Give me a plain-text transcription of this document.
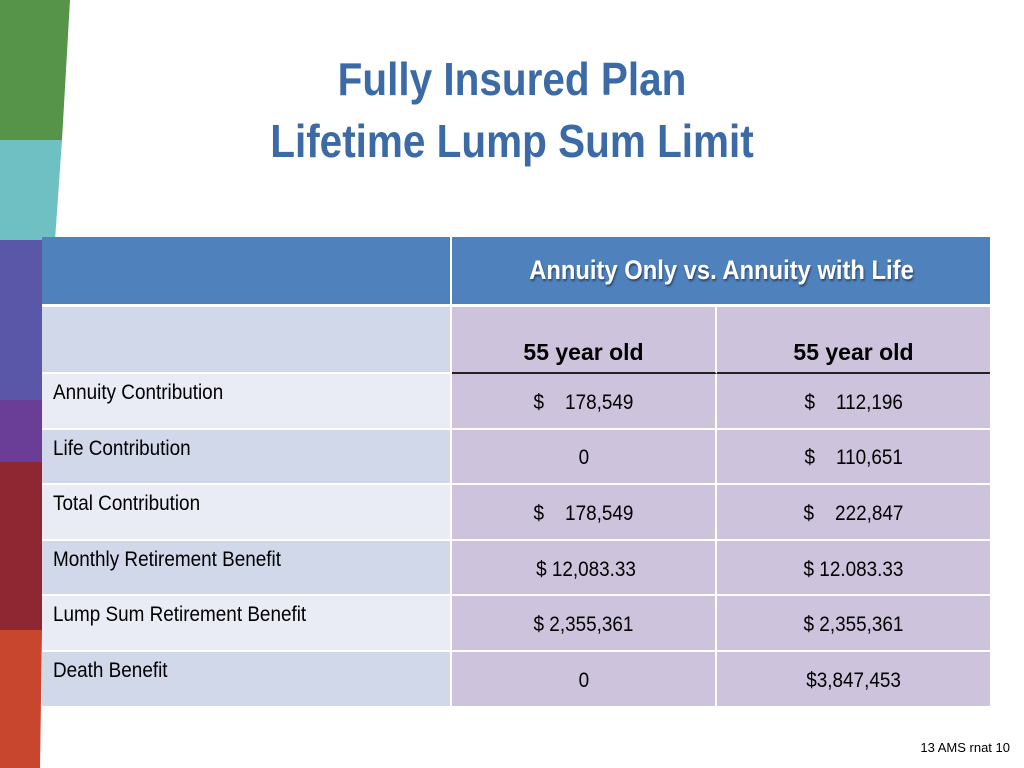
Fully Insured Plan
Lifetime Lump Sum Limit
	Annuity Only vs. Annuity with Life	
	55 year old	55 year old
Annuity Contribution	$    178,549	$    112,196
Life Contribution	0	$    110,651
Total Contribution	$    178,549	$    222,847
Monthly Retirement Benefit	$ 12,083.33	$ 12.083.33
Lump Sum Retirement Benefit	$ 2,355,361	$ 2,355,361
Death Benefit	0	$3,847,453
13 AMS rnat 10
